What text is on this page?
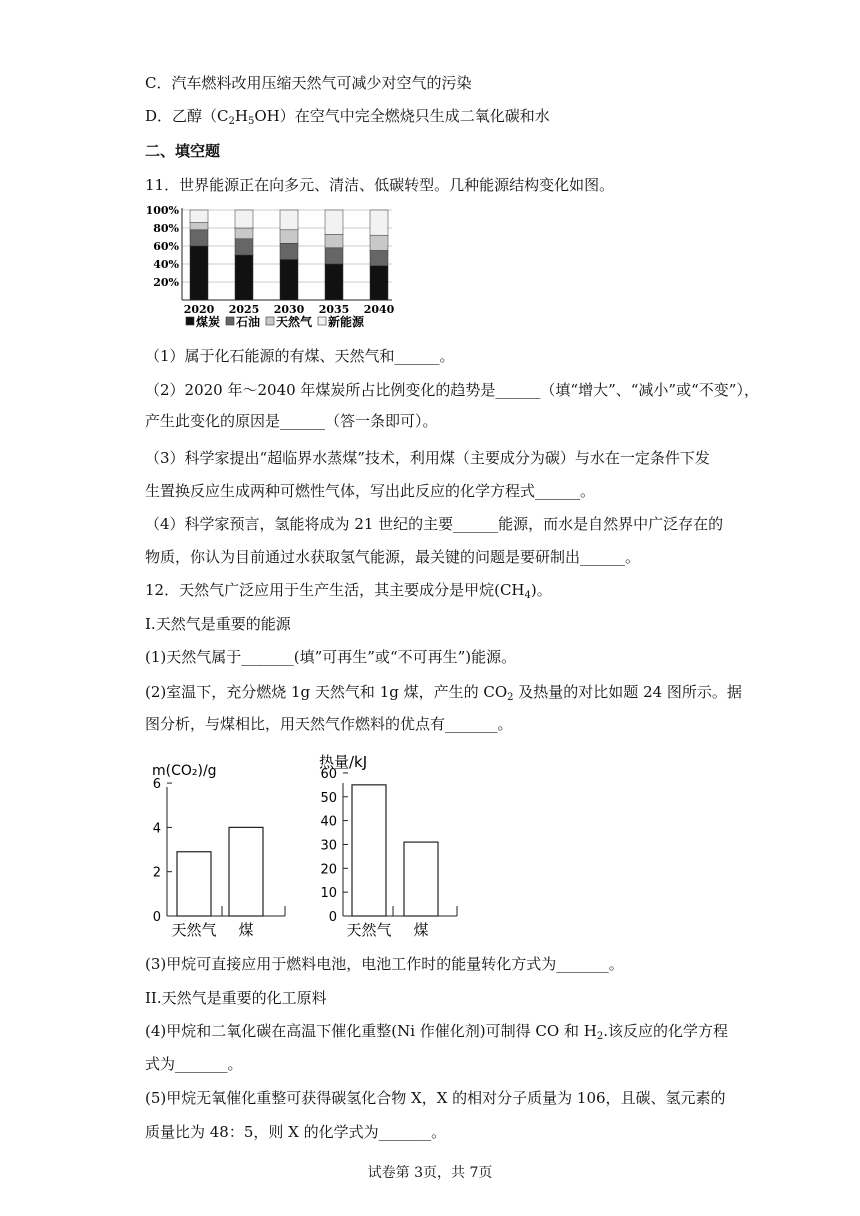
C．汽车燃料改用压缩天然气可减少对空气的污染
D．乙醇$(C_2H_5OH)$在空气中完全燃烧只生成二氧化碳和水
二、填空题
11．世界能源正在向多元、清洁、低碳转型。几种能源结构变化如图。
100%
80%
60%
40%
20%
2020 2025 2030 2035 2040
煤炭 石油 天然气 新能源
（1）属于化石能源的有煤、天然气和______。
（2）2020 年～2040 年煤炭所占比例变化的趋势是______（填“增大”、“减小”或“不变”），
产生此变化的原因是______（答一条即可）。
（3）科学家提出“超临界水蒸煤”技术，利用煤（主要成分为碳）与水在一定条件下发
生置换反应生成两种可燃性气体，写出此反应的化学方程式______。
（4）科学家预言，氢能将成为 21 世纪的主要______能源，而水是自然界中广泛存在的
物质，你认为目前通过水获取氢气能源，最关键的问题是要研制出______。
12．天然气广泛应用于生产生活，其主要成分是甲烷$(CH_4)$。
I.天然气是重要的能源
(1)天然气属于_______(填”可再生”或“不可再生”)能源。
(2)室温下，充分燃烧 1g 天然气和 1g 煤，产生的 $CO_2$ 及热量的对比如题 24 图所示。据
图分析，与煤相比，用天然气作燃料的优点有_______。
m(CO₂)/g
6
4
2
0
天然气 煤
热量/kJ
60
50
40
30
20
10
0
天然气 煤
(3)甲烷可直接应用于燃料电池，电池工作时的能量转化方式为_______。
II.天然气是重要的化工原料
(4)甲烷和二氧化碳在高温下催化重整(Ni 作催化剂)可制得 CO 和 $H_2$.该反应的化学方程
式为_______。
(5)甲烷无氧催化重整可获得碳氢化合物 X，X 的相对分子质量为 106，且碳、氢元素的
质量比为 48：5，则 X 的化学式为_______。
试卷第 3页，共 7页
